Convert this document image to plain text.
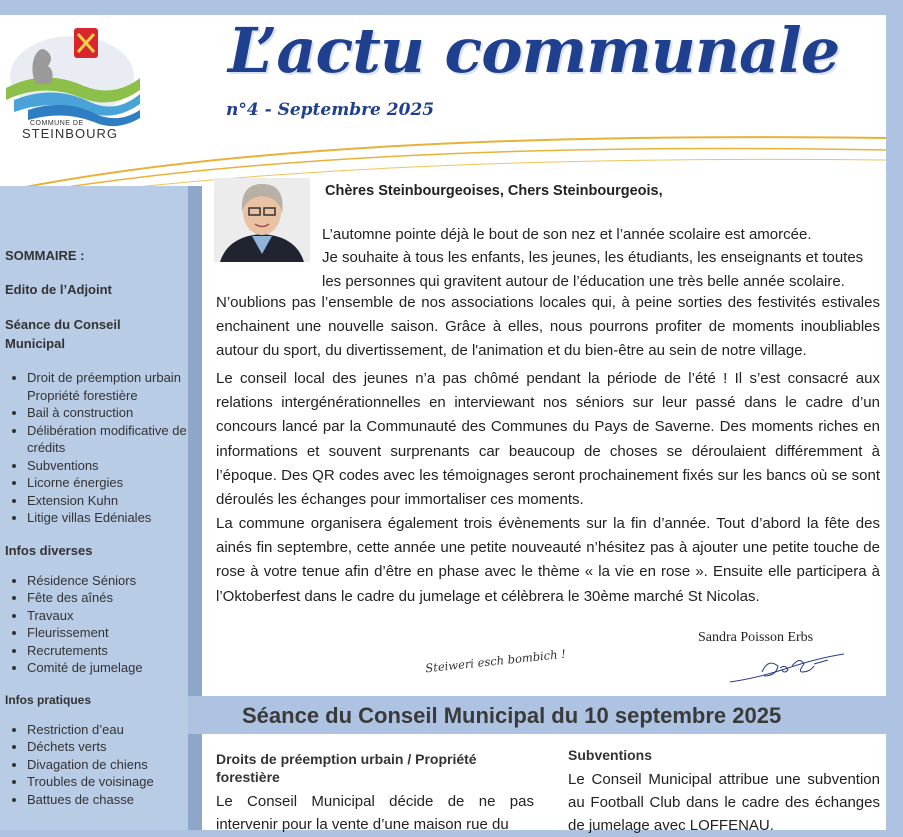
COMMUNE DE
STEINBOURG
L’actu communale
n°4 - Septembre 2025

SOMMAIRE :

Edito de l’Adjoint

Séance du Conseil Municipal

• Droit de préemption urbain Propriété forestière
• Bail à construction
• Délibération modificative de crédits
• Subventions
• Licorne énergies
• Extension Kuhn
• Litige villas Edéniales

Infos diverses

• Résidence Séniors
• Fête des aînés
• Travaux
• Fleurissement
• Recrutements
• Comité de jumelage

Infos pratiques

• Restriction d’eau
• Déchets verts
• Divagation de chiens
• Troubles de voisinage
• Battues de chasse
Chères Steinbourgeoises, Chers Steinbourgeois,
L’automne pointe déjà le bout de son nez et l’année scolaire est amorcée.
Je souhaite à tous les enfants, les jeunes, les étudiants, les enseignants et toutes
les personnes qui gravitent autour de l’éducation une très belle année scolaire.
N’oublions pas l’ensemble de nos associations locales qui, à peine sorties des festivités estivales enchainent une nouvelle saison. Grâce à elles, nous pourrons profiter de moments inoubliables autour du sport, du divertissement, de l'animation et du bien-être au sein de notre village.
Le conseil local des jeunes n’a pas chômé pendant la période de l’été ! Il s’est consacré aux relations intergénérationnelles en interviewant nos séniors sur leur passé dans le cadre d’un concours lancé par la Communauté des Communes du Pays de Saverne. Des moments riches en informations et souvent surprenants car beaucoup de choses se déroulaient différemment à l’époque. Des QR codes avec les témoignages seront prochainement fixés sur les bancs où se sont déroulés les échanges pour immortaliser ces moments.
La commune organisera également trois évènements sur la fin d’année. Tout d’abord la fête des ainés fin septembre, cette année une petite nouveauté n’hésitez pas à ajouter une petite touche de rose à votre tenue afin d’être en phase avec le thème « la vie en rose ». Ensuite elle participera à l’Oktoberfest dans le cadre du jumelage et célèbrera le 30ème marché St Nicolas.
Steiweri esch bombich !
Sandra Poisson Erbs
Séance du Conseil Municipal du 10 septembre 2025
Droits de préemption urbain / Propriété forestière
Le Conseil Municipal décide de ne pas intervenir pour la vente d’une maison rue du
Subventions
Le Conseil Municipal attribue une subvention au Football Club dans le cadre des échanges de jumelage avec LOFFENAU.
